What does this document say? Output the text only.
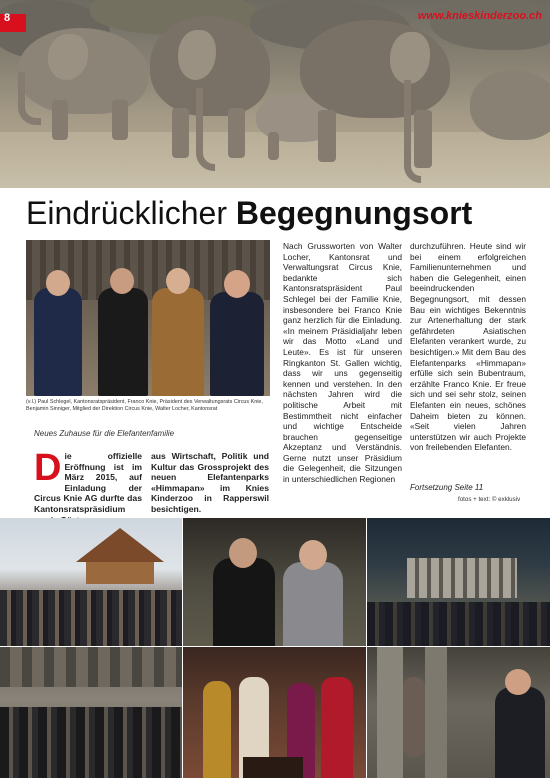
8	www.knieskinderzoo.ch
Eindrücklicher Begegnungsort
(v.l.) Paul Schlegel, Kantonsratspräsident, Franco Knie, Präsident des Verwaltungsrats Circus Knie, Benjamin Sinniger, Mitglied der Direktion Circus Knie, Walter Locher, Kantonsrat
Neues Zuhause für die Elefantenfamilie
D ie offizielle Eröffnung ist im März 2015, auf Einladung der Circus Knie AG durfte das Kantonsratspräsidium
aus Wirtschaft, Politik und Kultur das Grossprojekt des neuen Elefantenparks «Himmapan» im Knies Kinderzoo in Rapperswil besichtigen.
Nach Grussworten von Walter Locher, Kantonsrat und Verwaltungsrat Circus Knie, bedankte sich Kantonsratspräsident Paul Schlegel bei der Familie Knie, insbesondere bei Franco Knie ganz herzlich für die Einladung. «In meinem Präsidialjahr leben wir das Motto «Land und Leute». Es ist für unseren Ringkanton St. Gallen wichtig, dass wir uns gegenseitig kennen und verstehen. In den nächsten Jahren wird die politische Arbeit mit Bestimmtheit nicht einfacher und wichtige Entscheide brauchen gegenseitige Akzeptanz und Verständnis. Gerne nutzt unser Präsidium die Gelegenheit, die Sitzungen in unterschiedlichen Regionen
durchzuführen. Heute sind wir bei einem erfolgreichen Familienunternehmen und haben die Gelegenheit, einen beeindruckenden Begegnungsort, mit dessen Bau ein wichtiges Bekenntnis zur Artenerhaltung der stark gefährdeten Asiatischen Elefanten verankert wurde, zu besichtigen.» Mit dem Bau des Elefantenparks «Himmapan» erfülle sich sein Bubentraum, erzählte Franco Knie. Er freue sich und sei sehr stolz, seinen Elefanten ein neues, schönes Daheim bieten zu können. «Seit vielen Jahren unterstützen wir auch Projekte von freilebenden Elefanten.
Fortsetzung Seite 11
fotos + text: © exklusiv
